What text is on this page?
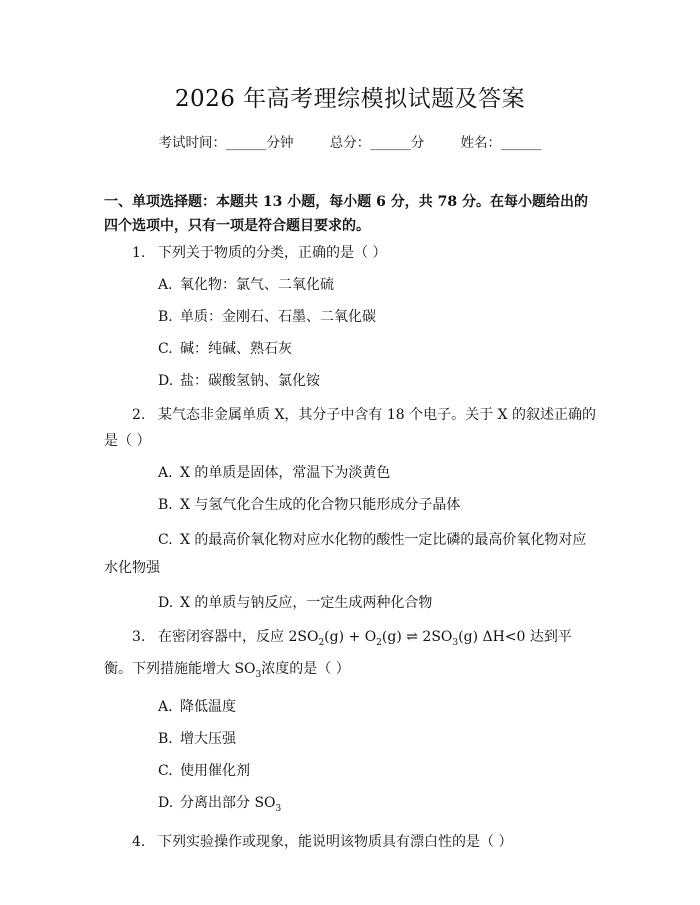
2026 年高考理综模拟试题及答案
考试时间：______分钟	总分：______分	姓名：______
一、单项选择题：本题共 13 小题，每小题 6 分，共 78 分。在每小题给出的四个选项中，只有一项是符合题目要求的。
1. 下列关于物质的分类，正确的是（ ）
A. 氧化物：氯气、二氧化硫
B. 单质：金刚石、石墨、二氧化碳
C. 碱：纯碱、熟石灰
D. 盐：碳酸氢钠、氯化铵
2. 某气态非金属单质 X，其分子中含有 18 个电子。关于 X 的叙述正确的是（ ）
A. X 的单质是固体，常温下为淡黄色
B. X 与氢气化合生成的化合物只能形成分子晶体
C. X 的最高价氧化物对应水化物的酸性一定比磷的最高价氧化物对应水化物强
D. X 的单质与钠反应，一定生成两种化合物
3. 在密闭容器中，反应 $2SO_2(g) + O_2(g)$ ⇌ $2SO_3(g)$ ΔH<0 达到平衡。下列措施能增大 $SO_3$浓度的是（ ）
A. 降低温度
B. 增大压强
C. 使用催化剂
D. 分离出部分 $SO_3$
4. 下列实验操作或现象，能说明该物质具有漂白性的是（ ）
